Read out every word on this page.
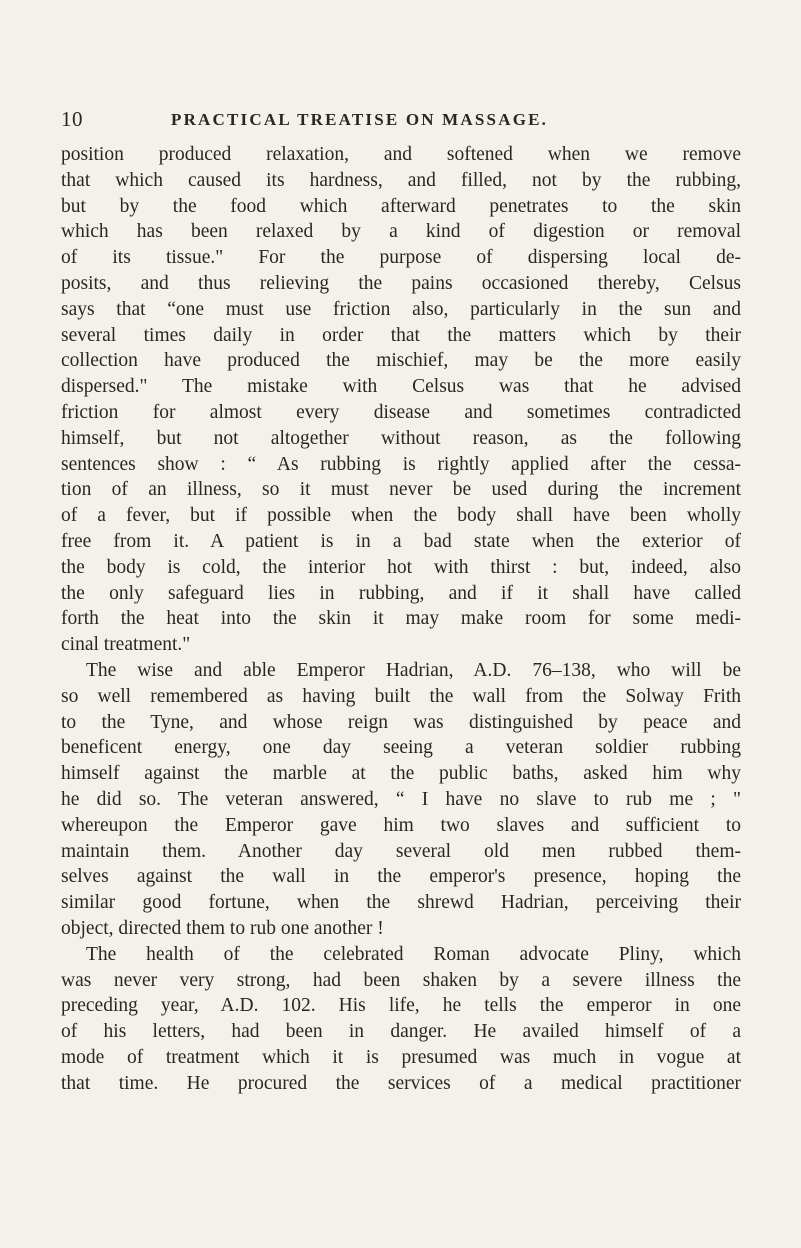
10	PRACTICAL TREATISE ON MASSAGE.
position produced relaxation, and softened when we remove
that which caused its hardness, and filled, not by the rubbing,
but by the food which afterward penetrates to the skin
which has been relaxed by a kind of digestion or removal
of its tissue." For the purpose of dispersing local de-
posits, and thus relieving the pains occasioned thereby, Celsus
says that “one must use friction also, particularly in the sun and
several times daily in order that the matters which by their
collection have produced the mischief, may be the more easily
dispersed." The mistake with Celsus was that he advised
friction for almost every disease and sometimes contradicted
himself, but not altogether without reason, as the following
sentences show : “ As rubbing is rightly applied after the cessa-
tion of an illness, so it must never be used during the increment
of a fever, but if possible when the body shall have been wholly
free from it. A patient is in a bad state when the exterior of
the body is cold, the interior hot with thirst : but, indeed, also
the only safeguard lies in rubbing, and if it shall have called
forth the heat into the skin it may make room for some medi-
cinal treatment."
The wise and able Emperor Hadrian, A.D. 76–138, who will be
so well remembered as having built the wall from the Solway Frith
to the Tyne, and whose reign was distinguished by peace and
beneficent energy, one day seeing a veteran soldier rubbing
himself against the marble at the public baths, asked him why
he did so. The veteran answered, “ I have no slave to rub me ; "
whereupon the Emperor gave him two slaves and sufficient to
maintain them. Another day several old men rubbed them-
selves against the wall in the emperor's presence, hoping the
similar good fortune, when the shrewd Hadrian, perceiving their
object, directed them to rub one another !
The health of the celebrated Roman advocate Pliny, which
was never very strong, had been shaken by a severe illness the
preceding year, A.D. 102. His life, he tells the emperor in one
of his letters, had been in danger. He availed himself of a
mode of treatment which it is presumed was much in vogue at
that time. He procured the services of a medical practitioner
